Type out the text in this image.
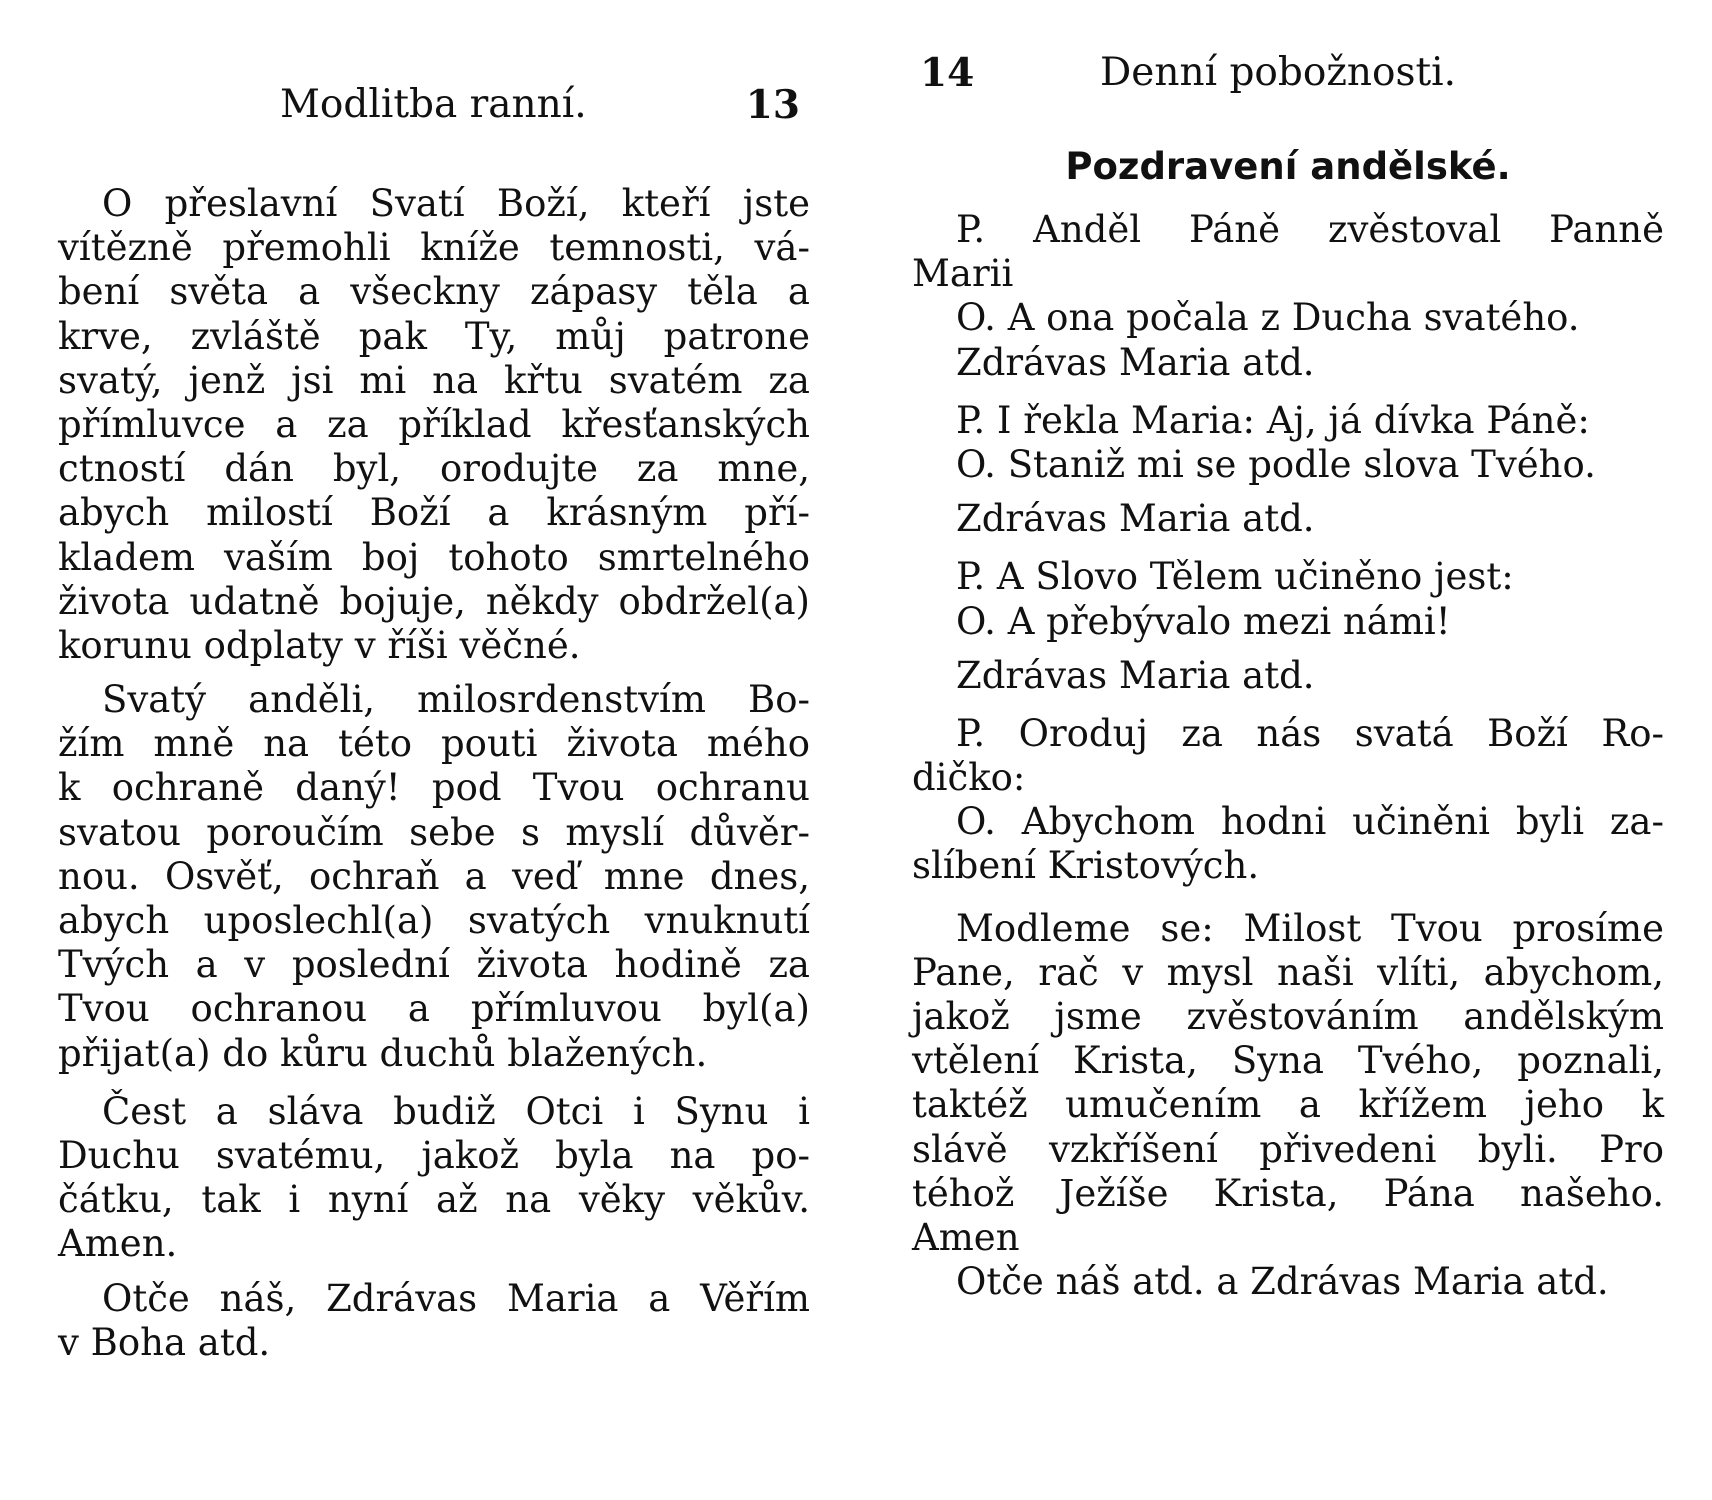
Modlitba ranní.	13
O přeslavní Svatí Boží, kteří jste
vítězně přemohli kníže temnosti, vá-
bení světa a všeckny zápasy těla a
krve, zvláště pak Ty, můj patrone
svatý, jenž jsi mi na křtu svatém za
přímluvce a za příklad křesťanských
ctností dán byl, orodujte za mne,
abych milostí Boží a krásným pří-
kladem vaším boj tohoto smrtelného
života udatně bojuje, někdy obdržel(a)
korunu odplaty v říši věčné.
Svatý anděli, milosrdenstvím Bo-
žím mně na této pouti života mého
k ochraně daný! pod Tvou ochranu
svatou poroučím sebe s myslí důvěr-
nou. Osvěť, ochraň a veď mne dnes,
abych uposlechl(a) svatých vnuknutí
Tvých a v poslední života hodině za
Tvou ochranou a přímluvou byl(a)
přijat(a) do kůru duchů blažených.
Čest a sláva budiž Otci i Synu i
Duchu svatému, jakož byla na po-
čátku, tak i nyní až na věky věkův.
Amen.
Otče náš, Zdrávas Maria a Věřím
v Boha atd.
14	Denní pobožnosti.
Pozdravení andělské.
P. Anděl Páně zvěstoval Panně
Marii
O. A ona počala z Ducha svatého.
Zdrávas Maria atd.
P. I řekla Maria: Aj, já dívka Páně:
O. Staniž mi se podle slova Tvého.
Zdrávas Maria atd.
P. A Slovo Tělem učiněno jest:
O. A přebývalo mezi námi!
Zdrávas Maria atd.
P. Oroduj za nás svatá Boží Ro-
dičko:
O. Abychom hodni učiněni byli za-
slíbení Kristových.
Modleme se: Milost Tvou prosíme
Pane, rač v mysl naši vlíti, abychom,
jakož jsme zvěstováním andělským
vtělení Krista, Syna Tvého, poznali,
taktéž umučením a křížem jeho k
slávě vzkříšení přivedeni byli. Pro
téhož Ježíše Krista, Pána našeho.
Amen
Otče náš atd. a Zdrávas Maria atd.
